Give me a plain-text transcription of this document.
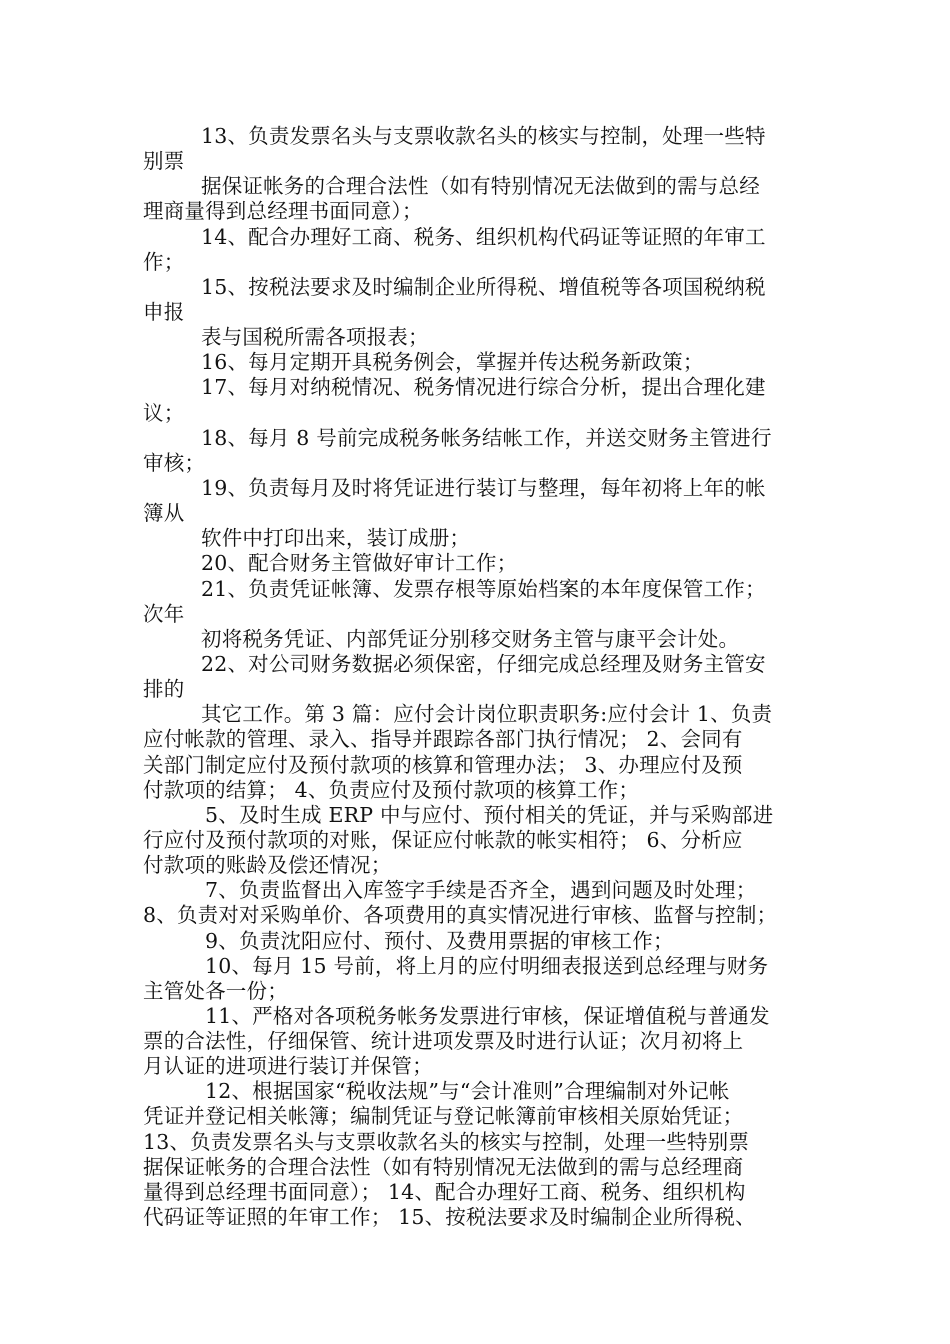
13、负责发票名头与支票收款名头的核实与控制，处理一些特
别票
据保证帐务的合理合法性（如有特别情况无法做到的需与总经
理商量得到总经理书面同意）；
14、配合办理好工商、税务、组织机构代码证等证照的年审工
作；
15、按税法要求及时编制企业所得税、增值税等各项国税纳税
申报
表与国税所需各项报表；
16、每月定期开具税务例会，掌握并传达税务新政策；
17、每月对纳税情况、税务情况进行综合分析，提出合理化建
议；
18、每月 8 号前完成税务帐务结帐工作，并送交财务主管进行
审核；
19、负责每月及时将凭证进行装订与整理，每年初将上年的帐
簿从
软件中打印出来，装订成册；
20、配合财务主管做好审计工作；
21、负责凭证帐簿、发票存根等原始档案的本年度保管工作；
次年
初将税务凭证、内部凭证分别移交财务主管与康平会计处。
22、对公司财务数据必须保密，仔细完成总经理及财务主管安
排的
其它工作。第 3 篇：应付会计岗位职责职务:应付会计 1、负责
应付帐款的管理、录入、指导并跟踪各部门执行情况； 2、会同有
关部门制定应付及预付款项的核算和管理办法； 3、办理应付及预
付款项的结算； 4、负责应付及预付款项的核算工作；
5、及时生成 ERP 中与应付、预付相关的凭证，并与采购部进
行应付及预付款项的对账，保证应付帐款的帐实相符； 6、分析应
付款项的账龄及偿还情况；
7、负责监督出入库签字手续是否齐全，遇到问题及时处理；
8、负责对对采购单价、各项费用的真实情况进行审核、监督与控制；
9、负责沈阳应付、预付、及费用票据的审核工作；
10、每月 15 号前，将上月的应付明细表报送到总经理与财务
主管处各一份；
11、严格对各项税务帐务发票进行审核，保证增值税与普通发
票的合法性，仔细保管、统计进项发票及时进行认证；次月初将上
月认证的进项进行装订并保管；
12、根据国家“税收法规”与“会计准则”合理编制对外记帐
凭证并登记相关帐簿；编制凭证与登记帐簿前审核相关原始凭证；
13、负责发票名头与支票收款名头的核实与控制，处理一些特别票
据保证帐务的合理合法性（如有特别情况无法做到的需与总经理商
量得到总经理书面同意）； 14、配合办理好工商、税务、组织机构
代码证等证照的年审工作； 15、按税法要求及时编制企业所得税、
